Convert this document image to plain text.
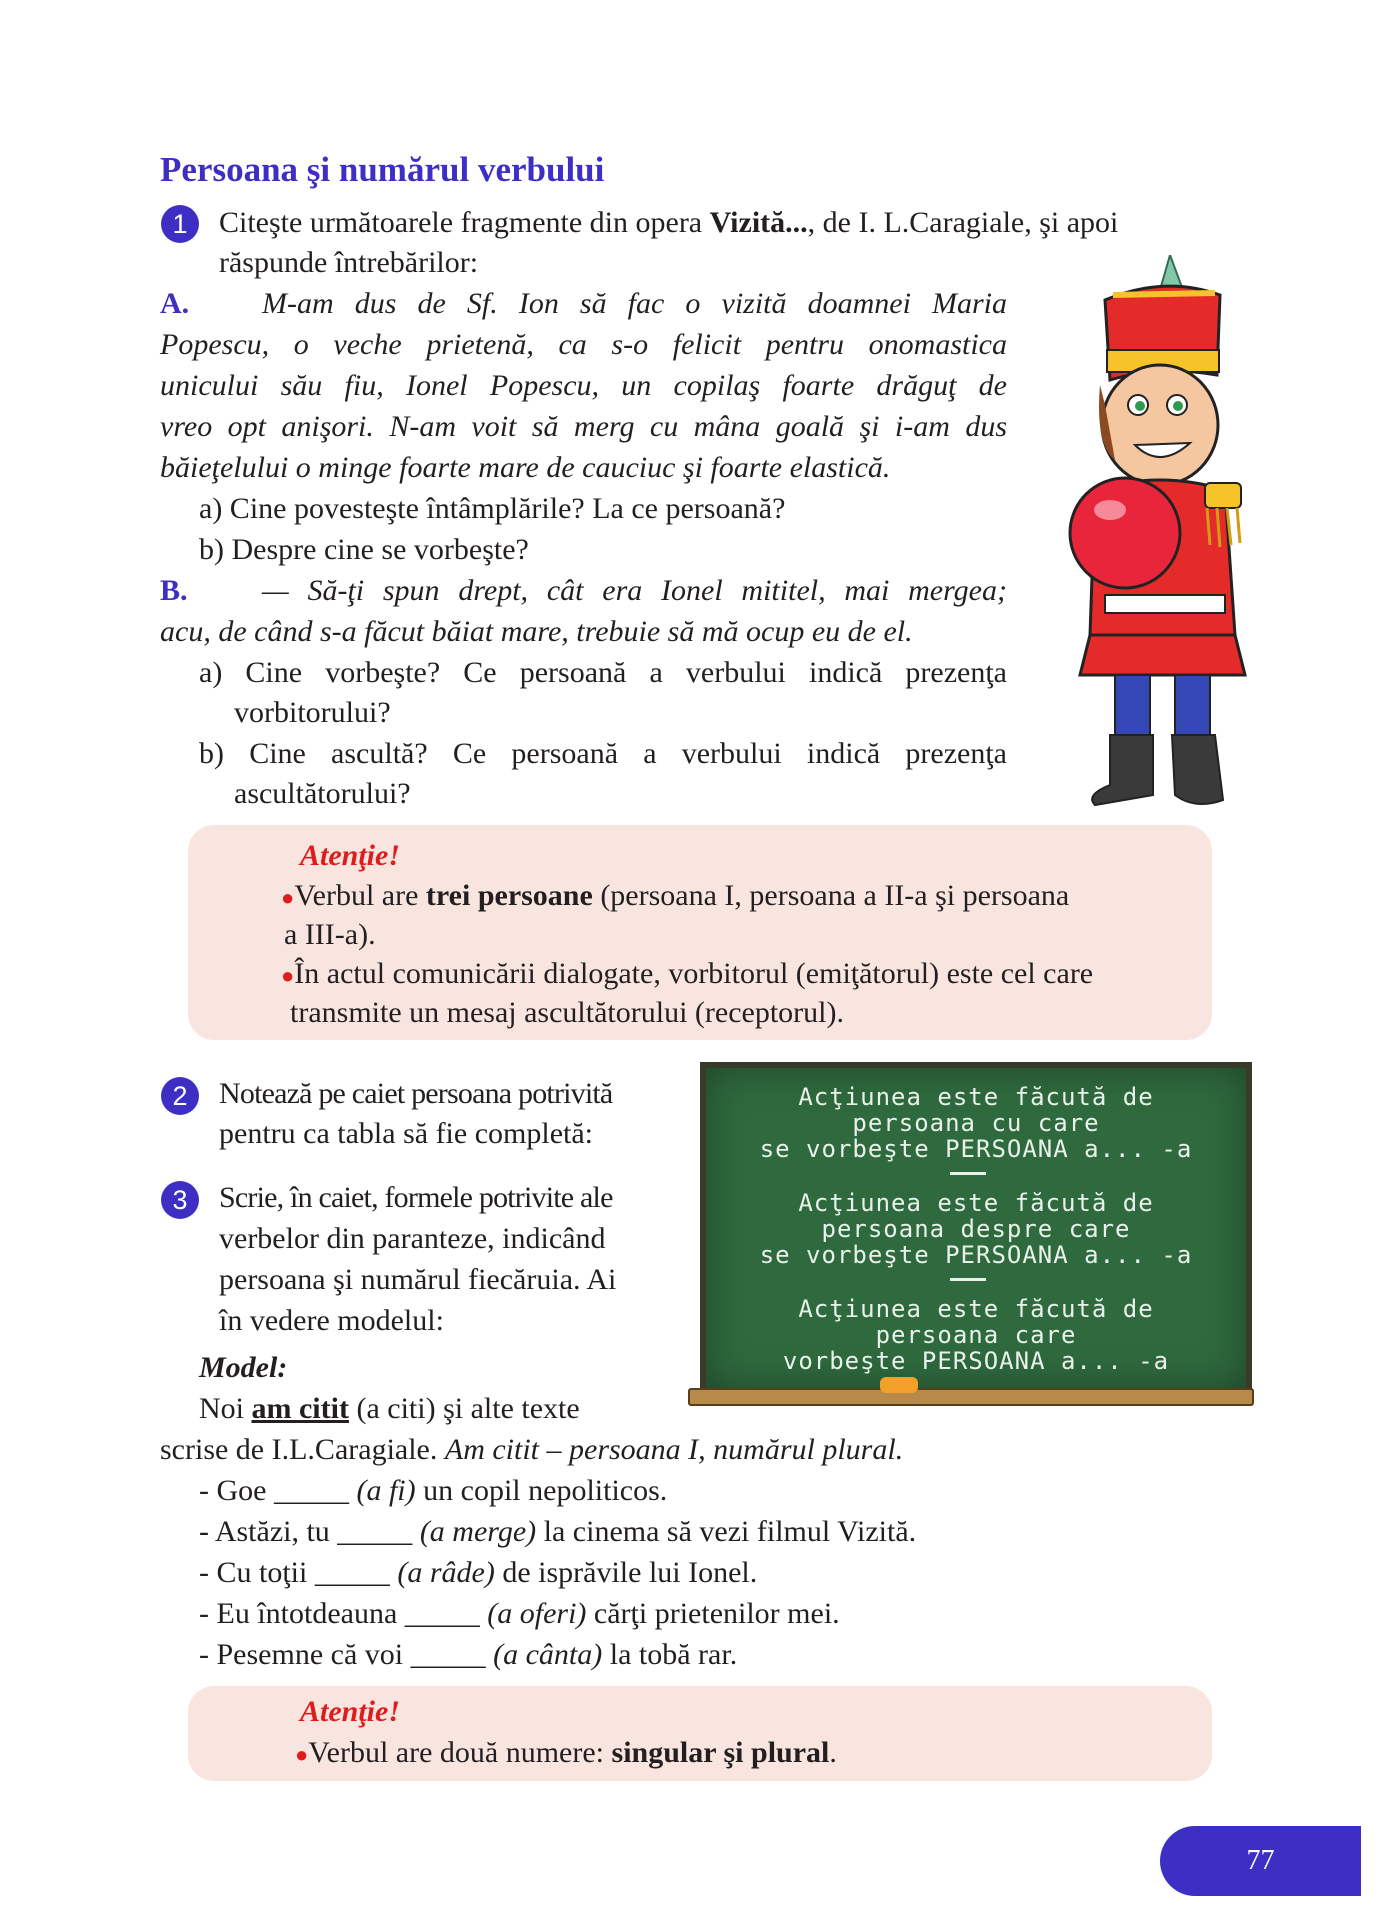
Persoana şi numărul verbului
1	Citeşte următoarele fragmente din opera Vizită..., de I. L.Caragiale, şi apoi
răspunde întrebărilor:
A. M-am dus de Sf. Ion să fac o vizită doamnei Maria
Popescu, o veche prietenă, ca s-o felicit pentru onomastica
unicului său fiu, Ionel Popescu, un copilaş foarte drăguţ de
vreo opt anişori. N-am voit să merg cu mâna goală şi i-am dus
băieţelului o minge foarte mare de cauciuc şi foarte elastică.
a) Cine povesteşte întâmplările? La ce persoană?
b) Despre cine se vorbeşte?
B. — Să-ţi spun drept, cât era Ionel mititel, mai mergea;
acu, de când s-a făcut băiat mare, trebuie să mă ocup eu de el.
a) Cine vorbeşte? Ce persoană a verbului indică prezenţa
vorbitorului?
b) Cine ascultă? Ce persoană a verbului indică prezenţa
ascultătorului?
Atenţie!
●Verbul are trei persoane (persoana I, persoana a II-a şi persoana
a III-a).
●În actul comunicării dialogate, vorbitorul (emiţătorul) este cel care
transmite un mesaj ascultătorului (receptorul).
2	Notează pe caiet persoana potrivită
pentru ca tabla să fie completă:
3	Scrie, în caiet, formele potrivite ale
verbelor din paranteze, indicând
persoana şi numărul fiecăruia. Ai
în vedere modelul:
Model:
Noi am citit (a citi) şi alte texte
scrise de I.L.Caragiale. Am citit – persoana I, numărul plural.
- Goe _____ (a fi) un copil nepoliticos.
- Astăzi, tu _____ (a merge) la cinema să vezi filmul Vizită.
- Cu toţii _____ (a râde) de isprăvile lui Ionel.
- Eu întotdeauna _____ (a oferi) cărţi prietenilor mei.
- Pesemne că voi _____ (a cânta) la tobă rar.
Acţiunea este făcută de
persoana cu care
se vorbeşte PERSOANA a... -a
Acţiunea este făcută de
persoana despre care
se vorbeşte PERSOANA a... -a
Acţiunea este făcută de
persoana care
vorbeşte PERSOANA a... -a
Atenţie!
●Verbul are două numere: singular şi plural.
77
